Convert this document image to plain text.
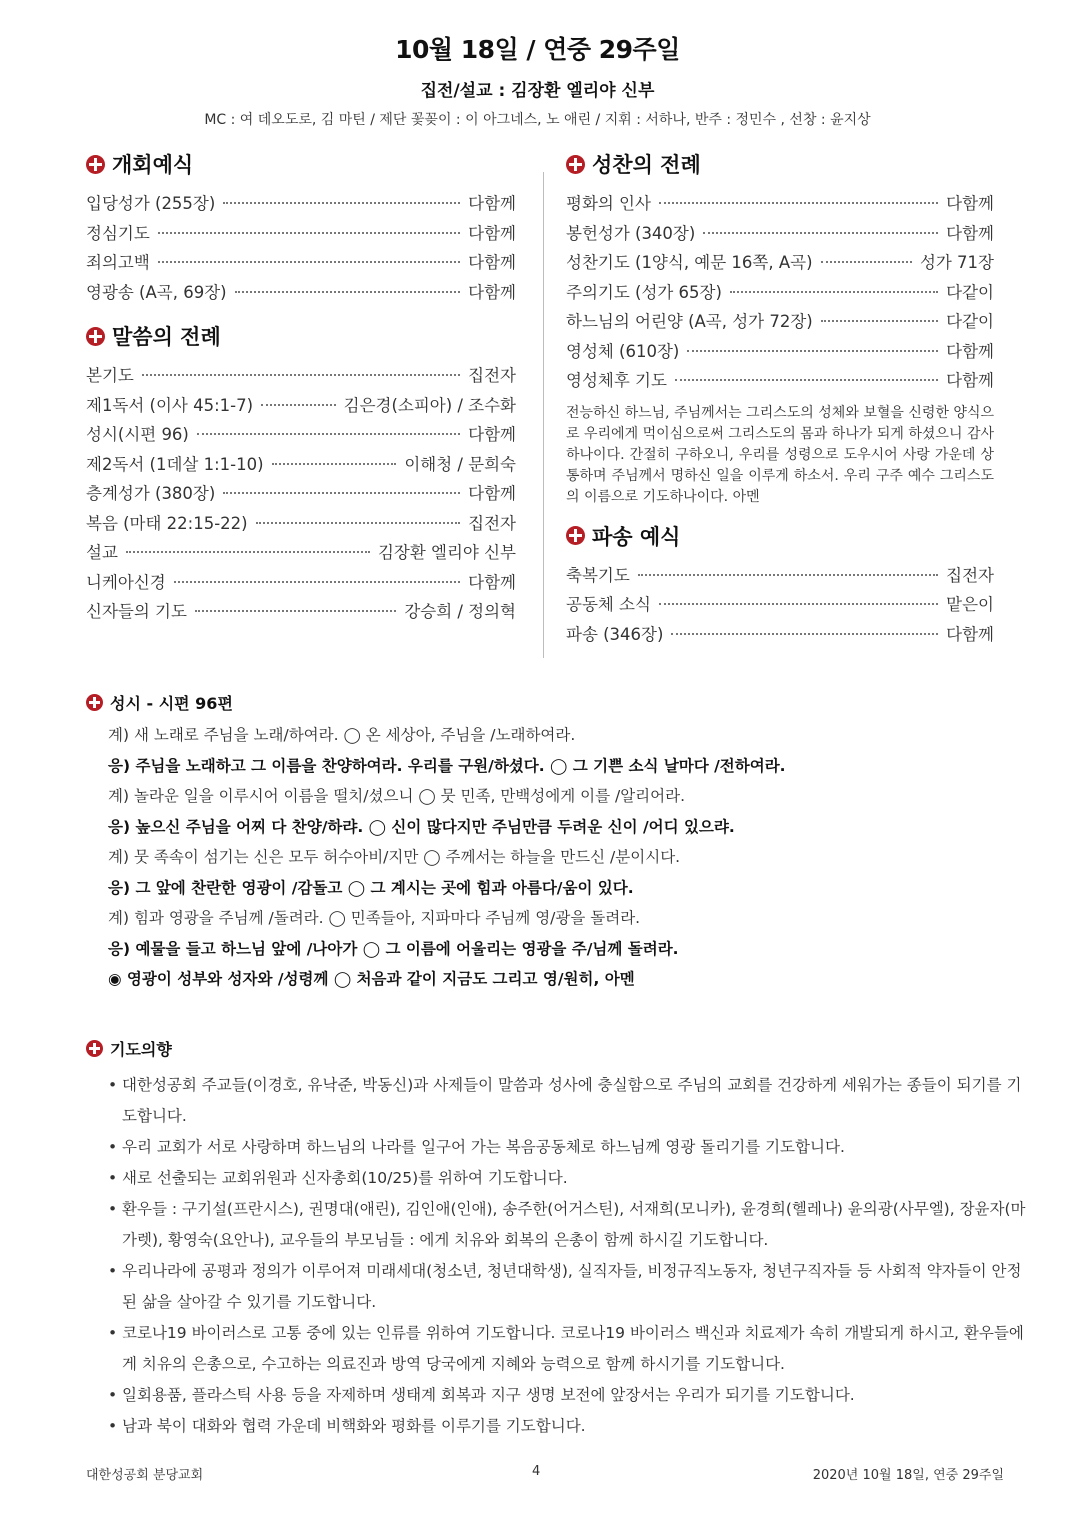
10월 18일 / 연중 29주일
집전/설교 : 김장환 엘리야 신부
MC : 여 데오도로, 김 마틴 / 제단 꽃꽂이 : 이 아그네스, 노 애린 / 지휘 : 서하나, 반주 : 정민수 , 선창 : 윤지상
개회예식
입당성가 (255장)	다함께
정심기도	다함께
죄의고백	다함께
영광송 (A곡, 69장)	다함께
말씀의 전례
본기도	집전자
제1독서 (이사 45:1-7)	김은경(소피아) / 조수화
성시(시편 96)	다함께
제2독서 (1데살 1:1-10)	이해청 / 문희숙
층계성가 (380장)	다함께
복음 (마태 22:15-22)	집전자
설교	김장환 엘리야 신부
니케아신경	다함께
신자들의 기도	강승희 / 정의혁
성찬의 전례
평화의 인사	다함께
봉헌성가 (340장)	다함께
성찬기도 (1양식, 예문 16쪽, A곡)	성가 71장
주의기도 (성가 65장)	다같이
하느님의 어린양 (A곡, 성가 72장)	다같이
영성체 (610장)	다함께
영성체후 기도	다함께
전능하신 하느님, 주님께서는 그리스도의 성체와 보혈을 신령한 양식으로 우리에게 먹이심으로써 그리스도의 몸과 하나가 되게 하셨으니 감사하나이다. 간절히 구하오니, 우리를 성령으로 도우시어 사랑 가운데 상통하며 주님께서 명하신 일을 이루게 하소서. 우리 구주 예수 그리스도의 이름으로 기도하나이다. 아멘
파송 예식
축복기도	집전자
공동체 소식	맡은이
파송 (346장)	다함께
성시 - 시편 96편
계) 새 노래로 주님을 노래/하여라. ◯ 온 세상아, 주님을 /노래하여라.
응) 주님을 노래하고 그 이름을 찬양하여라. 우리를 구원/하셨다. ◯ 그 기쁜 소식 날마다 /전하여라.
계) 놀라운 일을 이루시어 이름을 떨치/셨으니 ◯ 뭇 민족, 만백성에게 이를 /알리어라.
응) 높으신 주님을 어찌 다 찬양/하랴. ◯ 신이 많다지만 주님만큼 두려운 신이 /어디 있으랴.
계) 뭇 족속이 섬기는 신은 모두 허수아비/지만 ◯ 주께서는 하늘을 만드신 /분이시다.
응) 그 앞에 찬란한 영광이 /감돌고 ◯ 그 계시는 곳에 힘과 아름다/움이 있다.
계) 힘과 영광을 주님께 /돌려라. ◯ 민족들아, 지파마다 주님께 영/광을 돌려라.
응) 예물을 들고 하느님 앞에 /나아가 ◯ 그 이름에 어울리는 영광을 주/님께 돌려라.
◉ 영광이 성부와 성자와 /성령께 ◯ 처음과 같이 지금도 그리고 영/원히, 아멘
기도의향
• 대한성공회 주교들(이경호, 유낙준, 박동신)과 사제들이 말씀과 성사에 충실함으로 주님의 교회를 건강하게 세워가는 종들이 되기를 기도합니다.
• 우리 교회가 서로 사랑하며 하느님의 나라를 일구어 가는 복음공동체로 하느님께 영광 돌리기를 기도합니다.
• 새로 선출되는 교회위원과 신자총회(10/25)를 위하여 기도합니다.
• 환우들 : 구기설(프란시스), 권명대(애린), 김인애(인애), 송주한(어거스틴), 서재희(모니카), 윤경희(헬레나) 윤의광(사무엘), 장윤자(마가렛), 황영숙(요안나), 교우들의 부모님들 : 에게 치유와 회복의 은총이 함께 하시길 기도합니다.
• 우리나라에 공평과 정의가 이루어져 미래세대(청소년, 청년대학생), 실직자들, 비정규직노동자, 청년구직자들 등 사회적 약자들이 안정된 삶을 살아갈 수 있기를 기도합니다.
• 코로나19 바이러스로 고통 중에 있는 인류를 위하여 기도합니다. 코로나19 바이러스 백신과 치료제가 속히 개발되게 하시고, 환우들에게 치유의 은총으로, 수고하는 의료진과 방역 당국에게 지혜와 능력으로 함께 하시기를 기도합니다.
• 일회용품, 플라스틱 사용 등을 자제하며 생태계 회복과 지구 생명 보전에 앞장서는 우리가 되기를 기도합니다.
• 남과 북이 대화와 협력 가운데 비핵화와 평화를 이루기를 기도합니다.
대한성공회 분당교회	4	2020년 10월 18일, 연중 29주일
